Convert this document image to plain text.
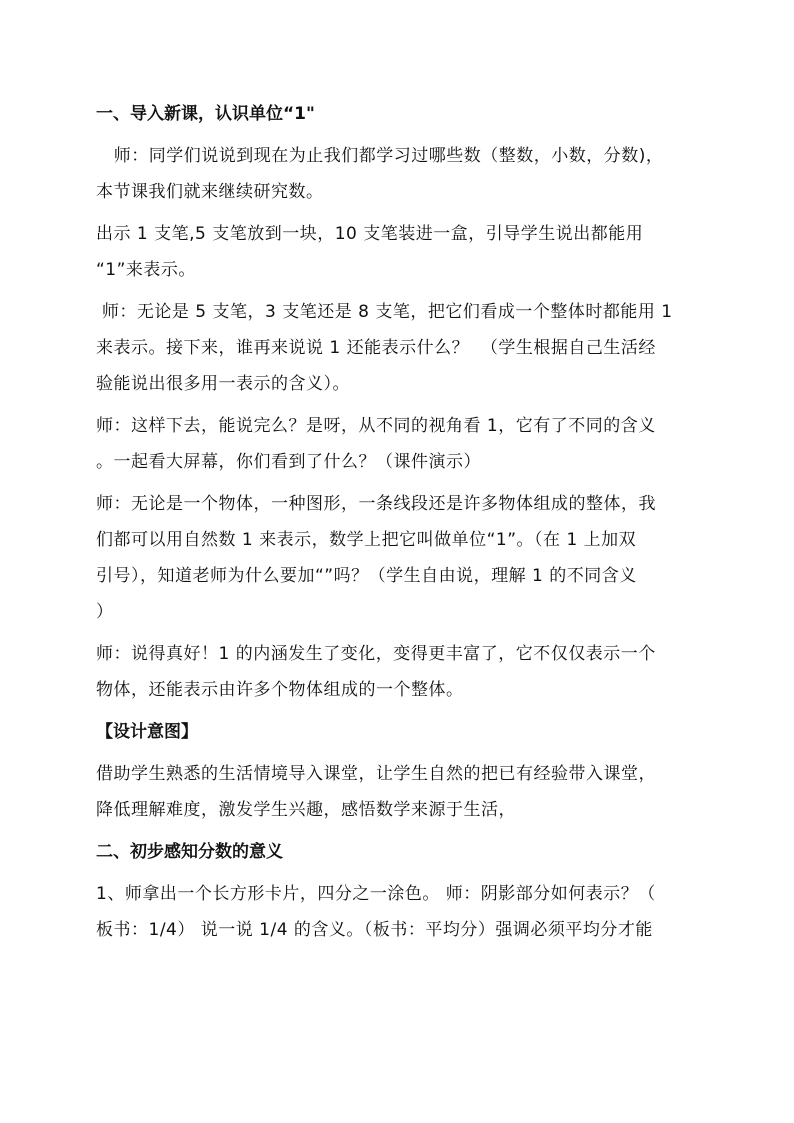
一、导入新课，认识单位“1"

师：同学们说说到现在为止我们都学习过哪些数（整数，小数，分数)，
本节课我们就来继续研究数。

出示 1 支笔,5 支笔放到一块，10 支笔装进一盒，引导学生说出都能用
“1”来表示。

师：无论是 5 支笔，3 支笔还是 8 支笔，把它们看成一个整体时都能用 1
来表示。接下来，谁再来说说 1 还能表示什么？  （学生根据自己生活经
验能说出很多用一表示的含义）。

师：这样下去，能说完么？是呀，从不同的视角看 1，它有了不同的含义
。一起看大屏幕，你们看到了什么？（课件演示）

师：无论是一个物体，一种图形，一条线段还是许多物体组成的整体，我
们都可以用自然数 1 来表示，数学上把它叫做单位“1”。（在 1 上加双
引号），知道老师为什么要加“”吗？（学生自由说，理解 1 的不同含义
）

师：说得真好！1 的内涵发生了变化，变得更丰富了，它不仅仅表示一个
物体，还能表示由许多个物体组成的一个整体。

【设计意图】

借助学生熟悉的生活情境导入课堂，让学生自然的把已有经验带入课堂，
降低理解难度，激发学生兴趣，感悟数学来源于生活，

二、初步感知分数的意义

1、师拿出一个长方形卡片，四分之一涂色。 师：阴影部分如何表示？（
板书：1/4） 说一说 1/4 的含义。（板书：平均分）强调必须平均分才能
